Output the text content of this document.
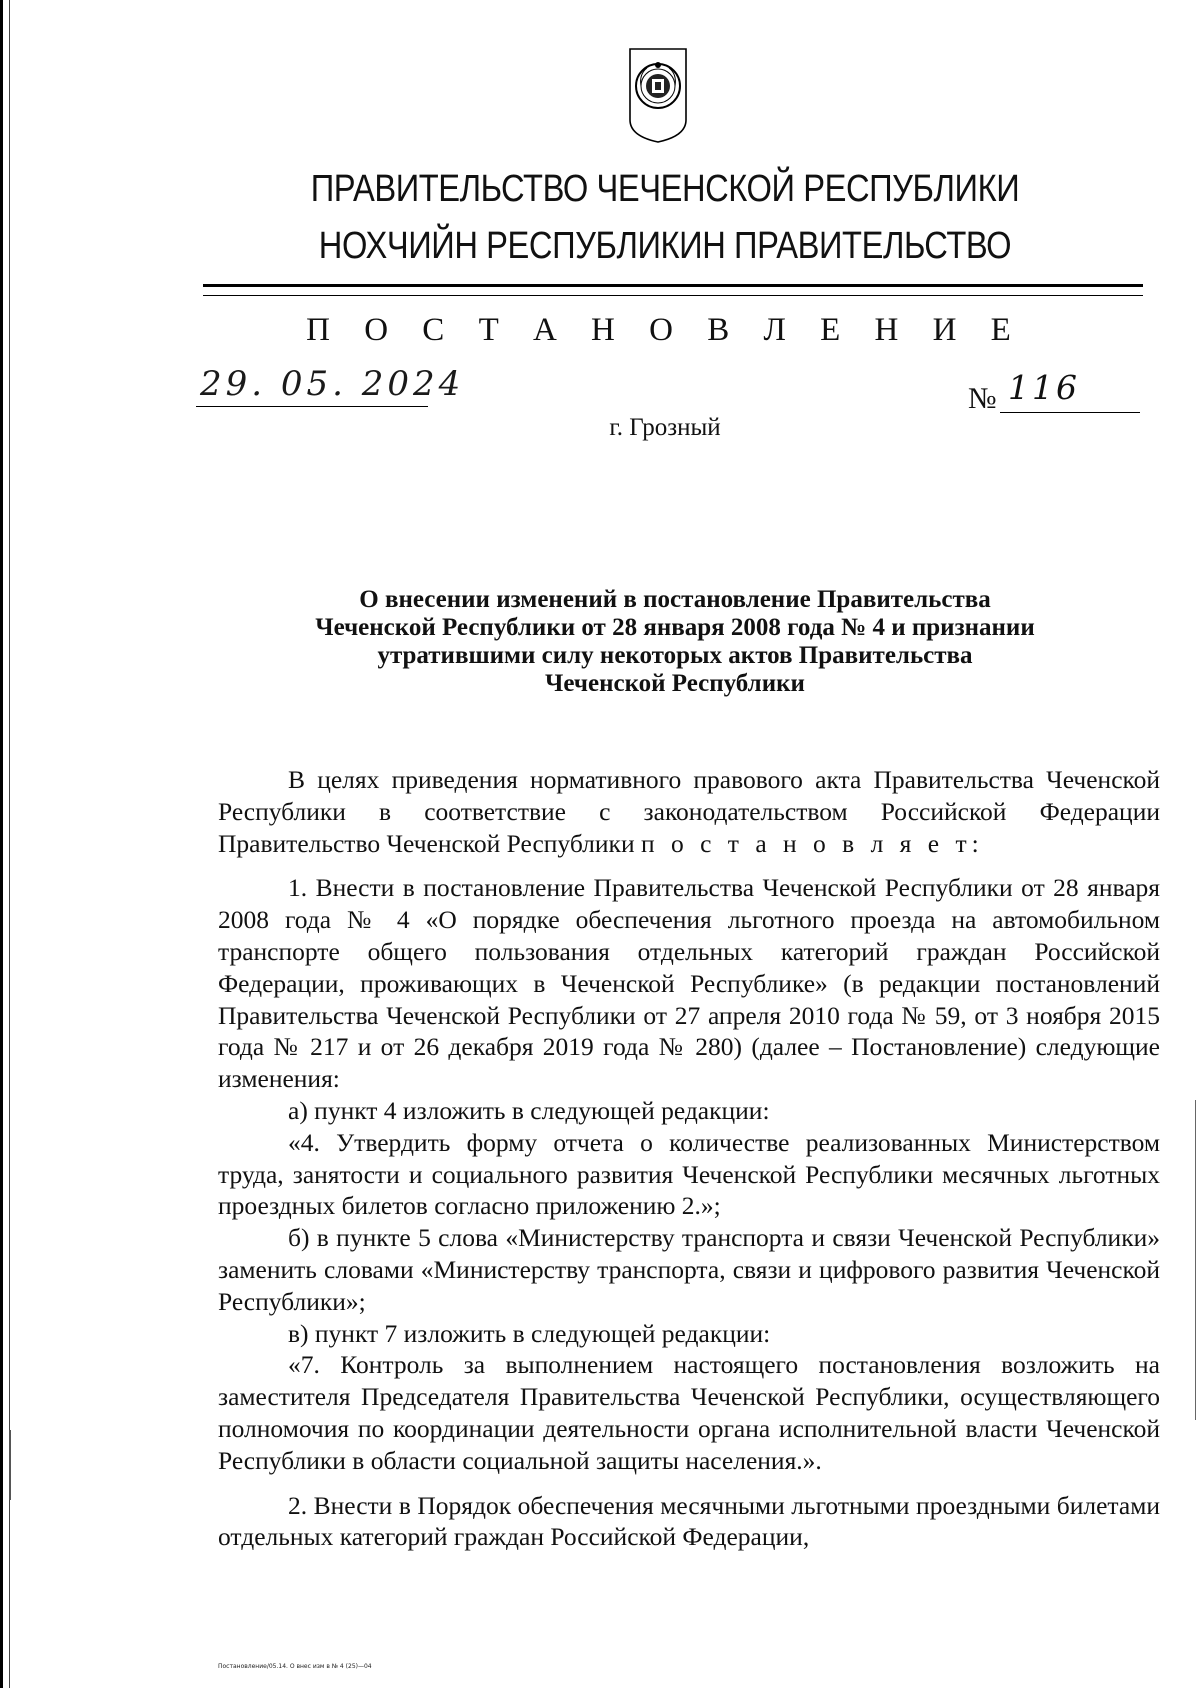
ПРАВИТЕЛЬСТВО ЧЕЧЕНСКОЙ РЕСПУБЛИКИ
НОХЧИЙН РЕСПУБЛИКИН ПРАВИТЕЛЬСТВО
П О С Т А Н О В Л Е Н И Е
29. 05. 2024	№ 116
г. Грозный
О внесении изменений в постановление Правительства
Чеченской Республики от 28 января 2008 года № 4 и признании
утратившими силу некоторых актов Правительства
Чеченской Республики

В целях приведения нормативного правового акта Правительства Чеченской Республики в соответствие с законодательством Российской Федерации Правительство Чеченской Республики п о с т а н о в л я е т:

1. Внести в постановление Правительства Чеченской Республики от 28 января 2008 года № 4 «О порядке обеспечения льготного проезда на автомобильном транспорте общего пользования отдельных категорий граждан Российской Федерации, проживающих в Чеченской Республике» (в редакции постановлений Правительства Чеченской Республики от 27 апреля 2010 года № 59, от 3 ноября 2015 года № 217 и от 26 декабря 2019 года № 280) (далее – Постановление) следующие изменения:

а) пункт 4 изложить в следующей редакции:

«4. Утвердить форму отчета о количестве реализованных Министерством труда, занятости и социального развития Чеченской Республики месячных льготных проездных билетов согласно приложению 2.»;

б) в пункте 5 слова «Министерству транспорта и связи Чеченской Республики» заменить словами «Министерству транспорта, связи и цифрового развития Чеченской Республики»;

в) пункт 7 изложить в следующей редакции:

«7. Контроль за выполнением настоящего постановления возложить на заместителя Председателя Правительства Чеченской Республики, осуществляющего полномочия по координации деятельности органа исполнительной власти Чеченской Республики в области социальной защиты населения.».

2. Внести в Порядок обеспечения месячными льготными проездными билетами отдельных категорий граждан Российской Федерации,

Постановление/05.14. О внес изм в № 4 (25)—04
